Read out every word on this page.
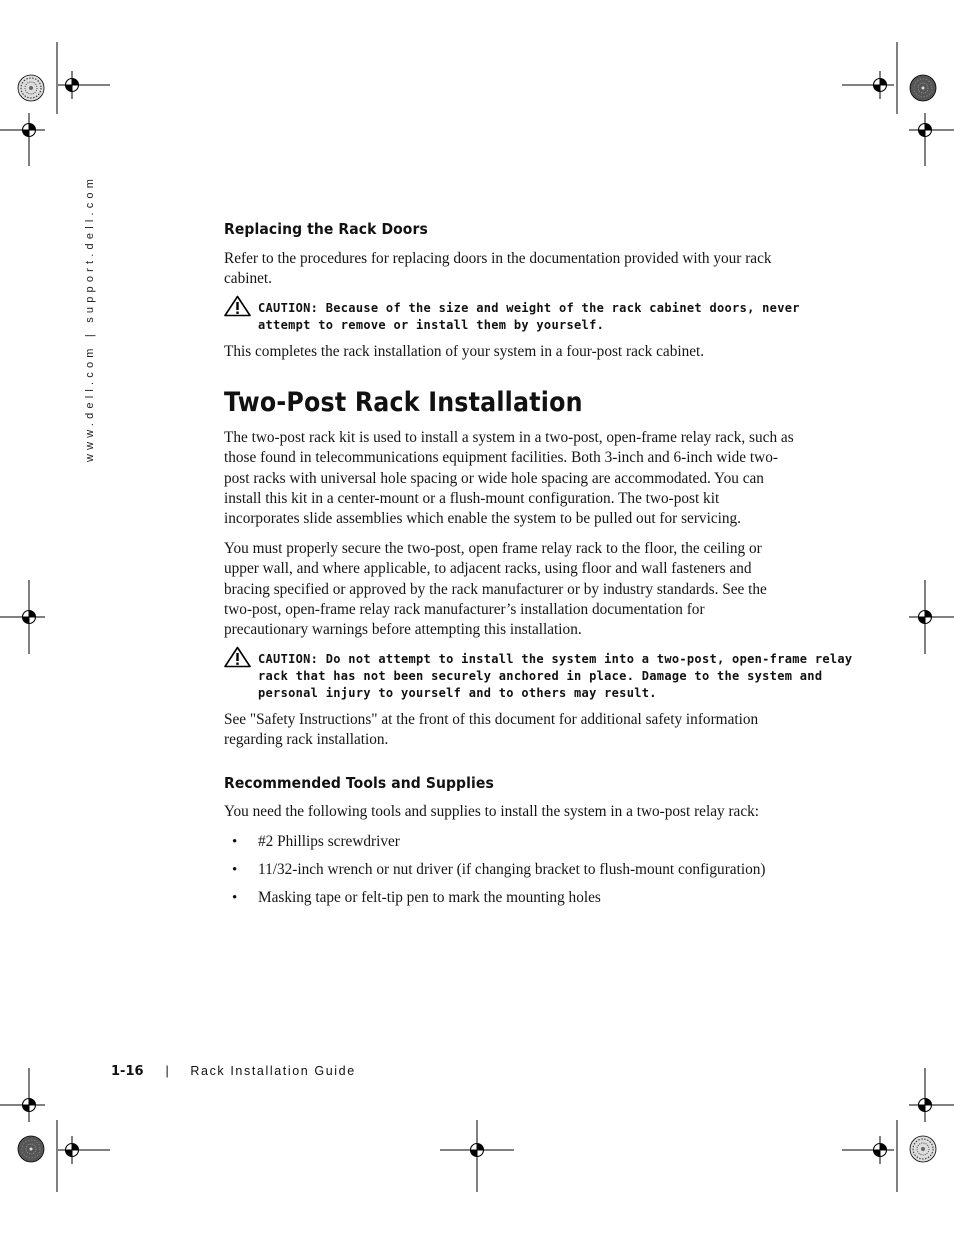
www.dell.com | support.dell.com	Replacing the Rack Doors
Refer to the procedures for replacing doors in the documentation provided with your rack
cabinet.
CAUTION: Because of the size and weight of the rack cabinet doors, never
attempt to remove or install them by yourself.
This completes the rack installation of your system in a four-post rack cabinet.
Two-Post Rack Installation
The two-post rack kit is used to install a system in a two-post, open-frame relay rack, such as
those found in telecommunications equipment facilities. Both 3-inch and 6-inch wide two-
post racks with universal hole spacing or wide hole spacing are accommodated. You can
install this kit in a center-mount or a flush-mount configuration. The two-post kit
incorporates slide assemblies which enable the system to be pulled out for servicing.
You must properly secure the two-post, open frame relay rack to the floor, the ceiling or
upper wall, and where applicable, to adjacent racks, using floor and wall fasteners and
bracing specified or approved by the rack manufacturer or by industry standards. See the
two-post, open-frame relay rack manufacturer’s installation documentation for
precautionary warnings before attempting this installation.
CAUTION: Do not attempt to install the system into a two-post, open-frame relay
rack that has not been securely anchored in place. Damage to the system and
personal injury to yourself and to others may result.
See "Safety Instructions" at the front of this document for additional safety information
regarding rack installation.
Recommended Tools and Supplies
You need the following tools and supplies to install the system in a two-post relay rack:
• #2 Phillips screwdriver
• 11/32-inch wrench or nut driver (if changing bracket to flush-mount configuration)
• Masking tape or felt-tip pen to mark the mounting holes
1-16 | Rack Installation Guide
